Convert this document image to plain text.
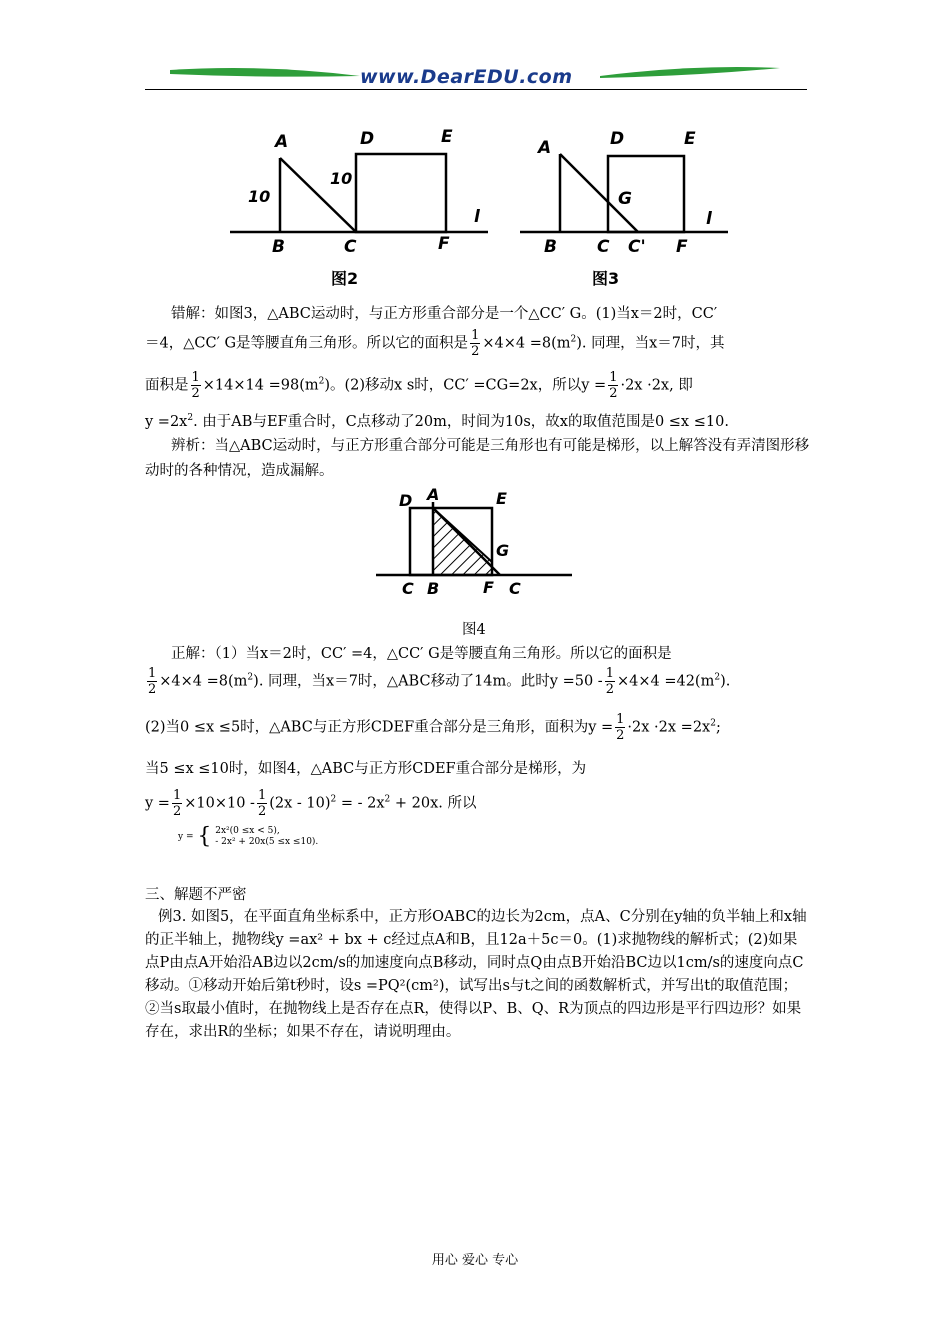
www.DearEDU.com
A
10
10
D	E
l
B	C	F
图2
A	D	E
G
l
B C C' F
图3
错解：如图3，△ABC运动时，与正方形重合部分是一个△CC′ G。(1)当x＝2时，CC′
＝4，△CC′ G是等腰直角三角形。所以它的面积是 $\frac{1}{2} \times 4\times 4 =8(m^2)$. 同理，当x＝7时，其
面积是 $\frac{1}{2} \times 14\times 14 =98(m^2)$。(2)移动x s时，CC′ =CG=2x，所以$y = \frac{1}{2} \cdot 2x \cdot 2x$, 即
$y =2x^2$. 由于AB与EF重合时，C点移动了20m，时间为10s，故x的取值范围是0 ≤x ≤10.
辨析：当△ABC运动时，与正方形重合部分可能是三角形也有可能是梯形，以上解答没有弄清图形移动时的各种情况，造成漏解。
D A	E
G
C B	F C
图4
正解：（1）当x＝2时，CC′ =4，△CC′ G是等腰直角三角形。所以它的面积是
$\frac{1}{2} \times 4\times 4 =8(m^2)$. 同理，当x＝7时，△ABC移动了14m。此时$y =50 - \frac{1}{2} \times 4\times 4 =42(m^2)$.
(2)当0 ≤x ≤5时，△ABC与正方形CDEF重合部分是三角形，面积为$y = \frac{1}{2} \cdot 2x \cdot 2x =2x^2$;
当5 ≤x ≤10时，如图4，△ABC与正方形CDEF重合部分是梯形，为
$y = \frac{1}{2} \times 10\times 10 - \frac{1}{2} (2x - 10)^2$ = - $2x^2 + 20x$. 所以
y = { 2x²(0 ≤x < 5),
- 2x² + 20x(5 ≤x ≤10).
三、解题不严密
例3. 如图5，在平面直角坐标系中，正方形OABC的边长为2cm，点A、C分别在y轴的负半轴上和x轴的正半轴上，抛物线y =ax² + bx + c经过点A和B，且12a＋5c＝0。(1)求抛物线的解析式；(2)如果点P由点A开始沿AB边以2cm/s的加速度向点B移动，同时点Q由点B开始沿BC边以1cm/s的速度向点C移动。①移动开始后第t秒时，设s =PQ²(cm²)，试写出s与t之间的函数解析式，并写出t的取值范围；②当s取最小值时，在抛物线上是否存在点R，使得以P、B、Q、R为顶点的四边形是平行四边形？如果存在，求出R的坐标；如果不存在，请说明理由。
用心 爱心 专心
